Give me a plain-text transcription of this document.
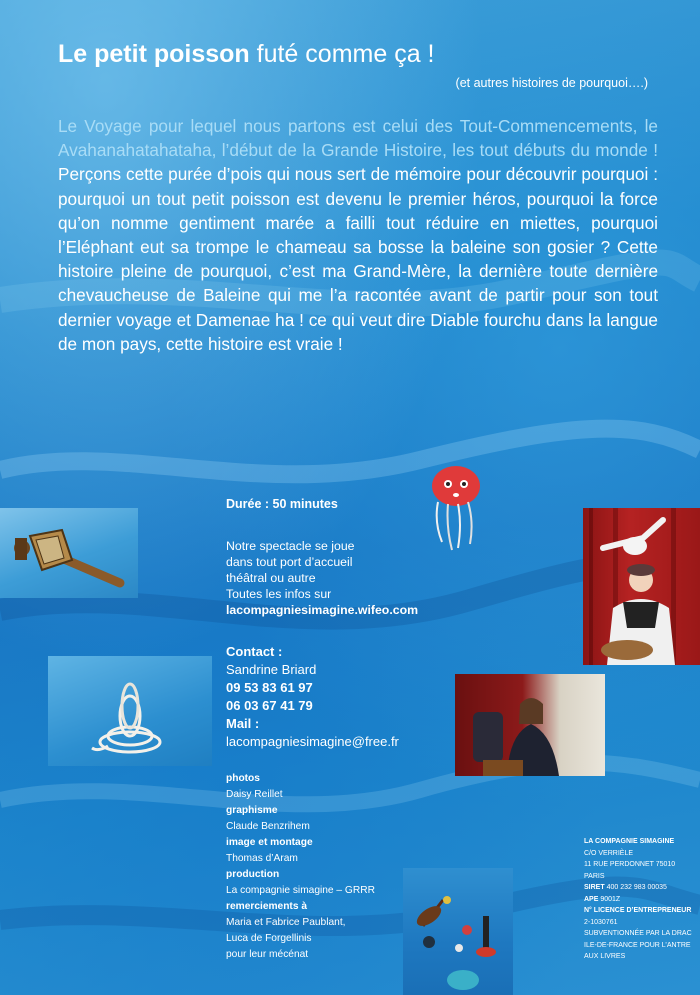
Le petit poisson futé comme ça !
(et autres histoires de pourquoi….)
Le Voyage pour lequel nous partons est celui des Tout-Commencements, le Avahanahatahataha, l’début de la Grande Histoire, les tout débuts du monde ! Perçons cette purée d’pois qui nous sert de mémoire pour découvrir pourquoi : pourquoi un tout petit poisson est devenu le premier héros, pourquoi la force qu’on nomme gentiment marée a failli tout réduire en miettes, pourquoi l’Eléphant eut sa trompe le chameau sa bosse la baleine son gosier ? Cette histoire pleine de pourquoi, c’est ma Grand-Mère, la dernière toute dernière chevaucheuse de Baleine qui me l’a racontée avant de partir pour son tout dernier voyage et Damenae ha ! ce qui veut dire Diable fourchu dans la langue de mon pays, cette histoire est vraie !
Durée : 50 minutes
Notre spectacle se joue
dans tout port d’accueil
théâtral ou autre
Toutes les infos sur
lacompagniesimagine.wifeo.com
Contact :
Sandrine Briard
09 53 83 61 97
06 03 67 41 79
Mail :
lacompagniesimagine@free.fr
photos
Daisy Reillet
graphisme
Claude Benzrihem
image et montage
Thomas d’Aram
production
La compagnie simagine – GRRR
remerciements à
Maria et Fabrice Paublant,
Luca de Forgellinis
pour leur mécénat
LA COMPAGNIE SIMAGINE
C/O VERRIÈLE
11 RUE PERDONNET 75010 PARIS
SIRET 400 232 983 00035
APE 9001Z
N° LICENCE D’ENTREPRENEUR
2-1030761
SUBVENTIONNÉE PAR LA DRAC
ILE-DE-FRANCE POUR L’ANTRE
AUX LIVRES
